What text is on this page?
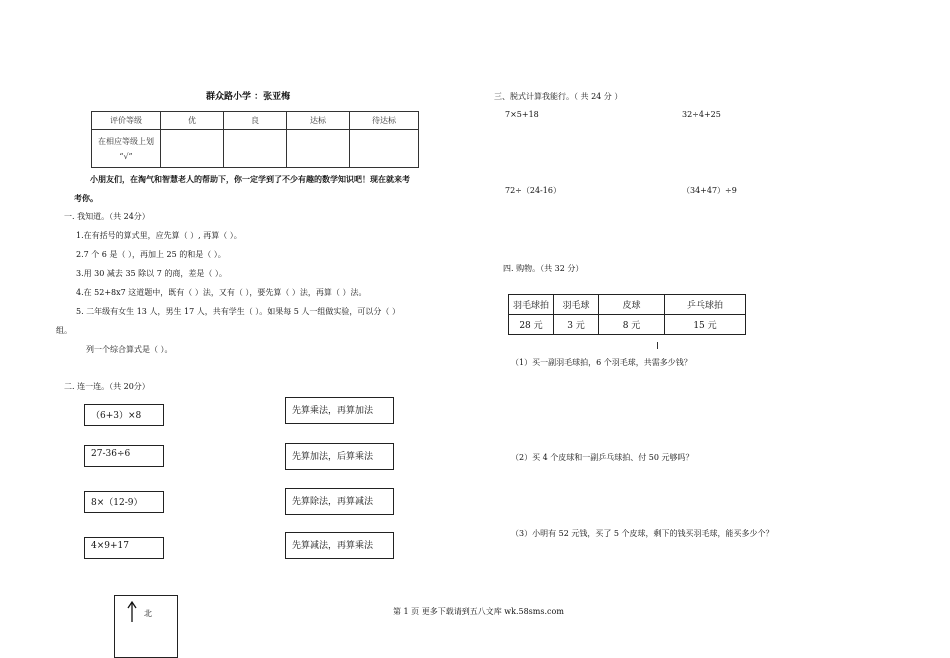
群众路小学 ：张亚梅
评价等级	优	良	达标	待达标

在相应等级上划
“√”				

小朋友们，在淘气和智慧老人的帮助下，你一定学到了不少有趣的数学知识吧！现在就来考
考你。
一. 我知道。（共 24分）
1.在有括号的算式里，应先算（ ）, 再算（ ）。
2.7 个 6 是（ ），再加上 25 的和是（ ）。
3.用 30 减去 35 除以 7 的商，差是（ ）。
4.在 52+8x7 这道题中，既有（ ）法，又有（ ），要先算（ ）法，再算（ ）法。
5. 二年级有女生 13 人，男生 17 人，共有学生（ ）。如果每 5 人一组做实验，可以分（ ）
组。
列一个综合算式是（ ）。
二. 连一连。（共 20分）
（6+3）×8
27-36÷6
8×（12-9）
4×9+17
先算乘法，再算加法
先算加法，后算乘法
先算除法，再算减法
先算减法，再算乘法
北	第 1 页 更多下载请到五八文库 wk.58sms.com
三、脱式计算我能行。（ 共 24 分 ）
7×5+18	32÷4+25
72÷（24-16）	（34+47）÷9
四. 购物。（共 32 分）
羽毛球拍	羽毛球	皮球	乒乓球拍
28 元	3 元	8 元	15 元
（1）买一副羽毛球拍，6 个羽毛球，共需多少钱？
（2）买 4 个皮球和一副乒乓球拍、付 50 元够吗？
（3）小明有 52 元钱，买了 5 个皮球，剩下的钱买羽毛球，能买多少个？
